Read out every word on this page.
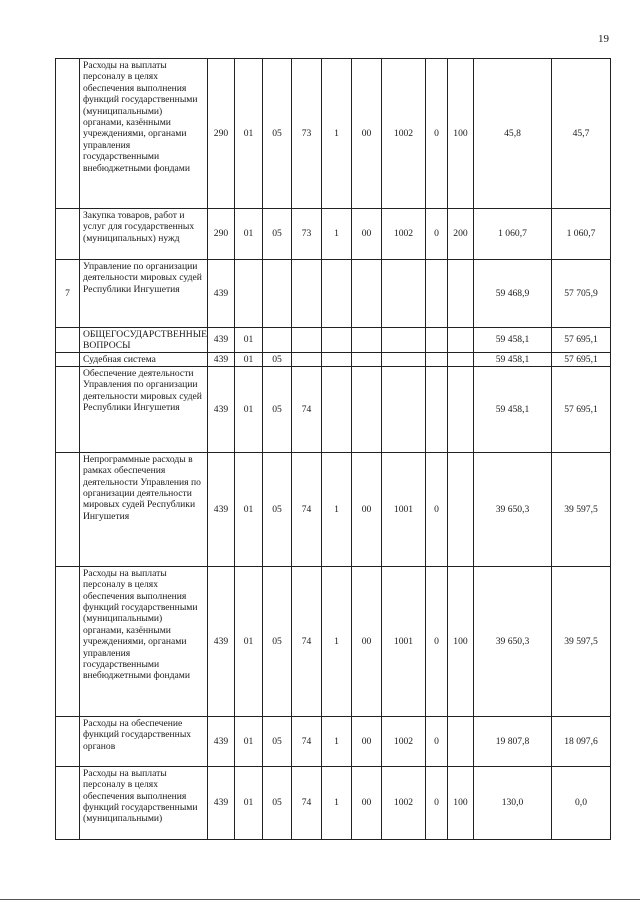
19
	Расходы на выплаты персоналу в целях обеспечения выполнения функций государственными (муниципальными) органами, казёнными учреждениями, органами управления государственными внебюджетными фондами	290	01	05	73	1	00	1002	0	100	45,8	45,7
	Закупка товаров, работ и услуг для государственных (муниципальных) нужд	290	01	05	73	1	00	1002	0	200	1 060,7	1 060,7
7	Управление по организации деятельности мировых судей Республики Ингушетия	439									59 468,9	57 705,9
	ОБЩЕГОСУДАРСТВЕННЫЕ ВОПРОСЫ	439	01								59 458,1	57 695,1
	Судебная система	439	01	05							59 458,1	57 695,1
	Обеспечение деятельности Управления по организации деятельности мировых судей Республики Ингушетия	439	01	05	74						59 458,1	57 695,1
	Непрограммные расходы в рамках обеспечения деятельности Управления по организации деятельности мировых судей Республики Ингушетия	439	01	05	74	1	00	1001	0		39 650,3	39 597,5
	Расходы на выплаты персоналу в целях обеспечения выполнения функций государственными (муниципальными) органами, казёнными учреждениями, органами управления государственными внебюджетными фондами	439	01	05	74	1	00	1001	0	100	39 650,3	39 597,5
	Расходы на обеспечение функций государственных органов	439	01	05	74	1	00	1002	0		19 807,8	18 097,6
	Расходы на выплаты персоналу в целях обеспечения выполнения функций государственными (муниципальными)	439	01	05	74	1	00	1002	0	100	130,0	0,0
